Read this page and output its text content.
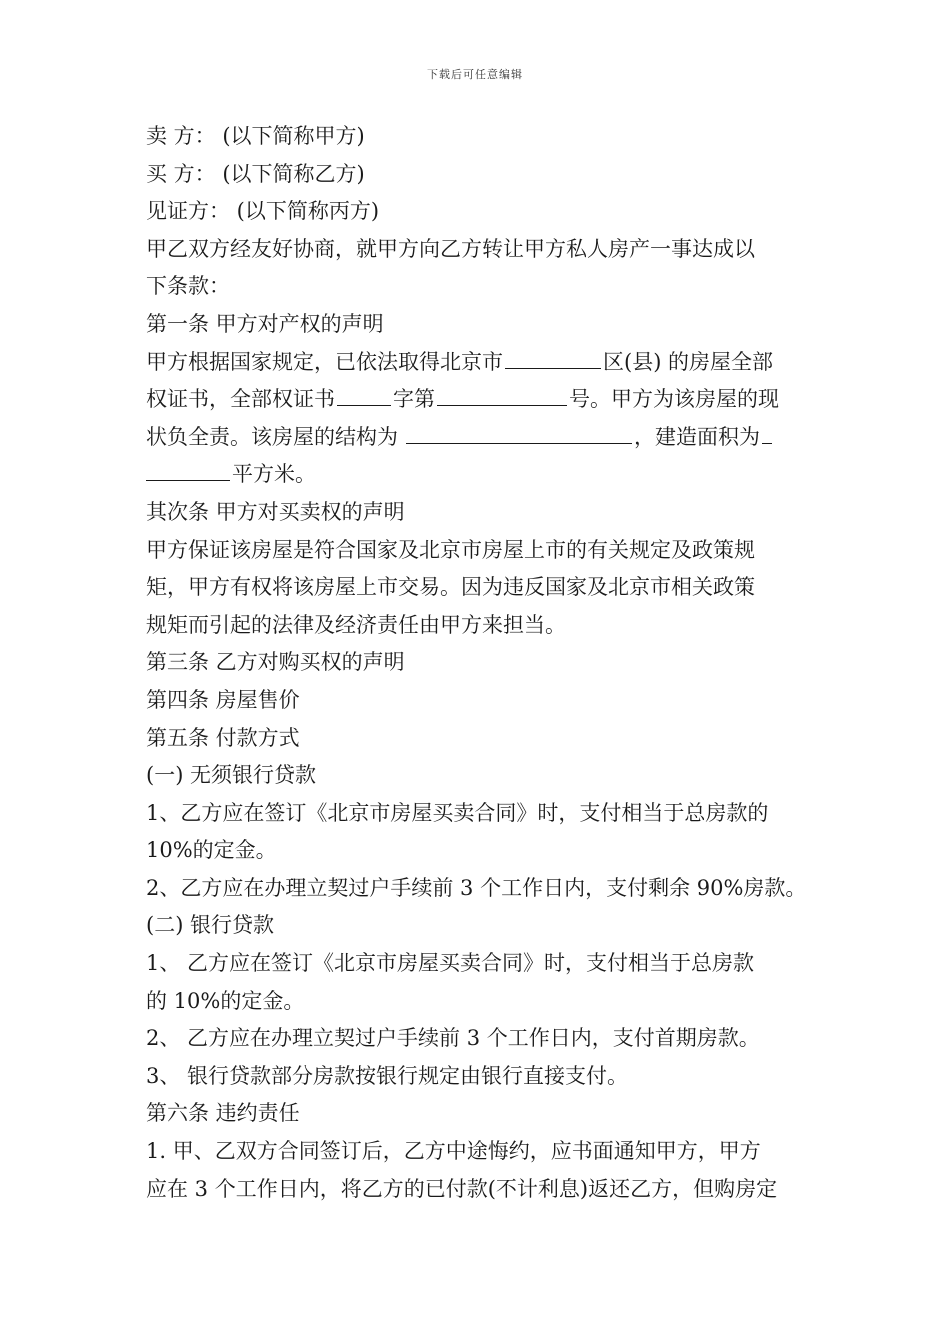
下载后可任意编辑

卖 方： (以下简称甲方)

买 方： (以下简称乙方)

见证方： (以下简称丙方)

甲乙双方经友好协商，就甲方向乙方转让甲方私人房产一事达成以

下条款：

第一条 甲方对产权的声明

甲方根据国家规定，已依法取得北京市	区(县) 的房屋全部

权证书，全部权证书	字第	号。甲方为该房屋的现

状负全责。该房屋的结构为	，建造面积为

平方米。

其次条 甲方对买卖权的声明

甲方保证该房屋是符合国家及北京市房屋上市的有关规定及政策规

矩，甲方有权将该房屋上市交易。因为违反国家及北京市相关政策

规矩而引起的法律及经济责任由甲方来担当。

第三条 乙方对购买权的声明

第四条 房屋售价

第五条 付款方式

(一) 无须银行贷款

1、乙方应在签订《北京市房屋买卖合同》时，支付相当于总房款的

10%的定金。

2、乙方应在办理立契过户手续前 3 个工作日内，支付剩余 90%房款。

(二) 银行贷款

1、 乙方应在签订《北京市房屋买卖合同》时，支付相当于总房款

的 10%的定金。

2、 乙方应在办理立契过户手续前 3 个工作日内，支付首期房款。

3、 银行贷款部分房款按银行规定由银行直接支付。

第六条 违约责任

1. 甲、乙双方合同签订后，乙方中途悔约，应书面通知甲方，甲方

应在 3 个工作日内，将乙方的已付款(不计利息)返还乙方，但购房定
